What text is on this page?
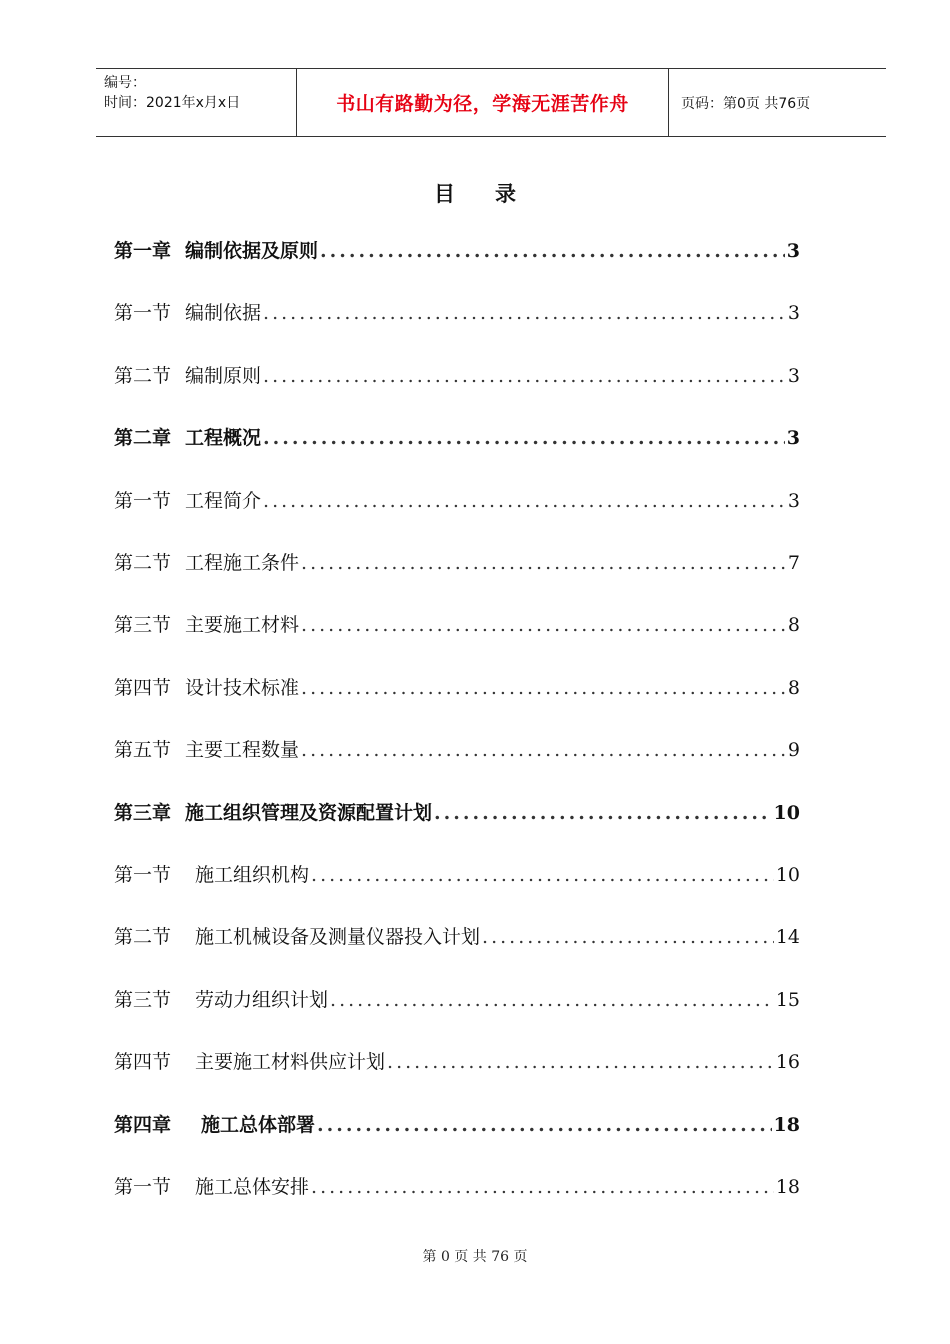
编号：
时间：2021年x月x日	书山有路勤为径，学海无涯苦作舟	页码：第0页 共76页
目 录
第一章 编制依据及原则 .....	3
第一节 编制依据 .....	3
第二节 编制原则 .....	3
第二章 工程概况 .....	3
第一节 工程简介 .....	3
第二节 工程施工条件 .....	7
第三节 主要施工材料 .....	8
第四节 设计技术标准 .....	8
第五节 主要工程数量 .....	9
第三章 施工组织管理及资源配置计划 .....	10
第一节 施工组织机构 .....	10
第二节 施工机械设备及测量仪器投入计划 .....	14
第三节 劳动力组织计划 .....	15
第四节 主要施工材料供应计划 .....	16
第四章 施工总体部署 .....	18
第一节 施工总体安排 .....	18
第 0 页 共 76 页
